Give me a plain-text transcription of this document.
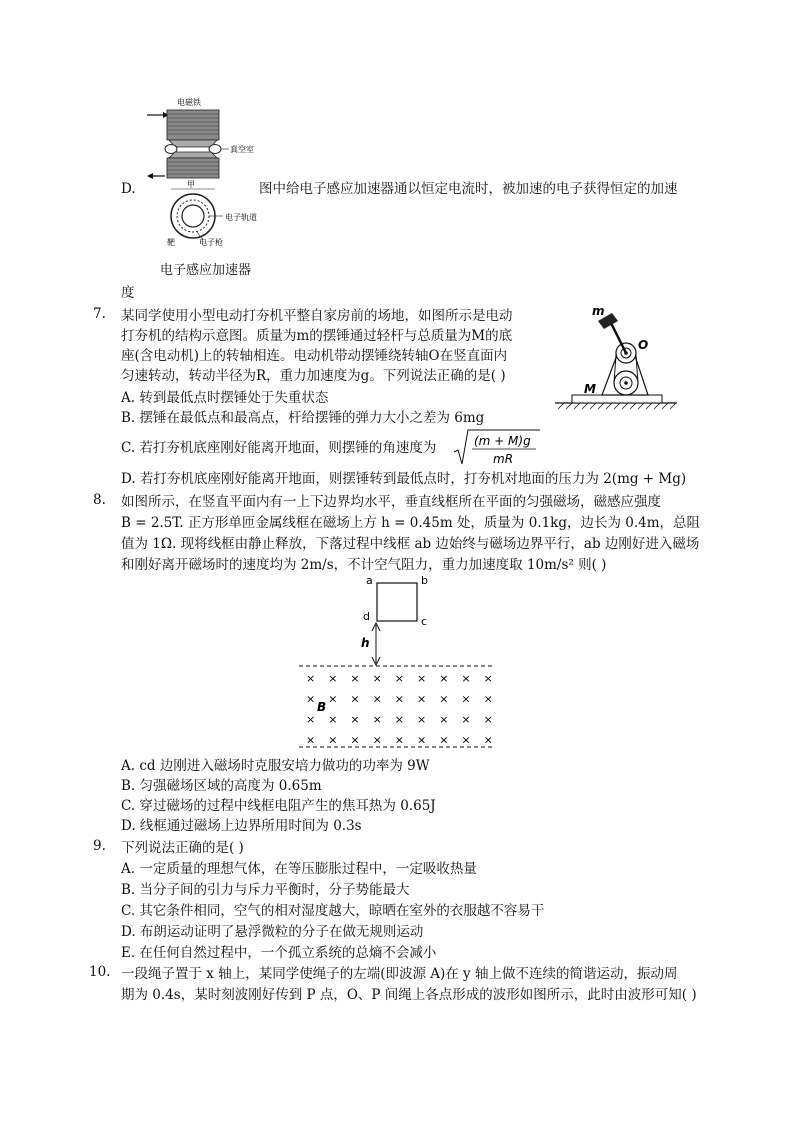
电磁铁
真空室
甲
电子轨道
靶	电子枪
电子感应加速器
D.	图中给电子感应加速器通以恒定电流时，被加速的电子获得恒定的加速
度
7. 某同学使用小型电动打夯机平整自家房前的场地，如图所示是电动
打夯机的结构示意图。质量为m的摆锤通过轻杆与总质量为M的底
座(含电动机)上的转轴相连。电动机带动摆锤绕转轴O在竖直面内
匀速转动，转动半径为R，重力加速度为g。下列说法正确的是( )
A. 转到最低点时摆锤处于失重状态
B. 摆锤在最低点和最高点，杆给摆锤的弹力大小之差为 6mg
C. 若打夯机底座刚好能离开地面，则摆锤的角速度为	(m + M)g
mR
D. 若打夯机底座刚好能离开地面，则摆锤转到最低点时，打夯机对地面的压力为 2(mg + Mg)
m
O
M
8. 如图所示，在竖直平面内有一上下边界均水平，垂直线框所在平面的匀强磁场，磁感应强度
B = 2.5T. 正方形单匝金属线框在磁场上方 h = 0.45m 处，质量为 0.1kg，边长为 0.4m，总阻
值为 1Ω. 现将线框由静止释放，下落过程中线框 ab 边始终与磁场边界平行，ab 边刚好进入磁场
和刚好离开磁场时的速度均为 2m/s，不计空气阻力，重力加速度取 10m/s² 则( )
a	b
c
d
h
B
× × × × × × × × ×
× × × × × × × × ×
× × × × × × × × ×
× × × × × × × × ×
A. cd 边刚进入磁场时克服安培力做功的功率为 9W
B. 匀强磁场区域的高度为 0.65m
C. 穿过磁场的过程中线框电阻产生的焦耳热为 0.65J
D. 线框通过磁场上边界所用时间为 0.3s
9. 下列说法正确的是( )
A. 一定质量的理想气体，在等压膨胀过程中，一定吸收热量
B. 当分子间的引力与斥力平衡时，分子势能最大
C. 其它条件相同，空气的相对湿度越大，晾晒在室外的衣服越不容易干
D. 布朗运动证明了悬浮微粒的分子在做无规则运动
E. 在任何自然过程中，一个孤立系统的总熵不会减小
10. 一段绳子置于 x 轴上，某同学使绳子的左端(即波源 A)在 y 轴上做不连续的简谐运动，振动周
期为 0.4s，某时刻波刚好传到 P 点，O、P 间绳上各点形成的波形如图所示，此时由波形可知( )
